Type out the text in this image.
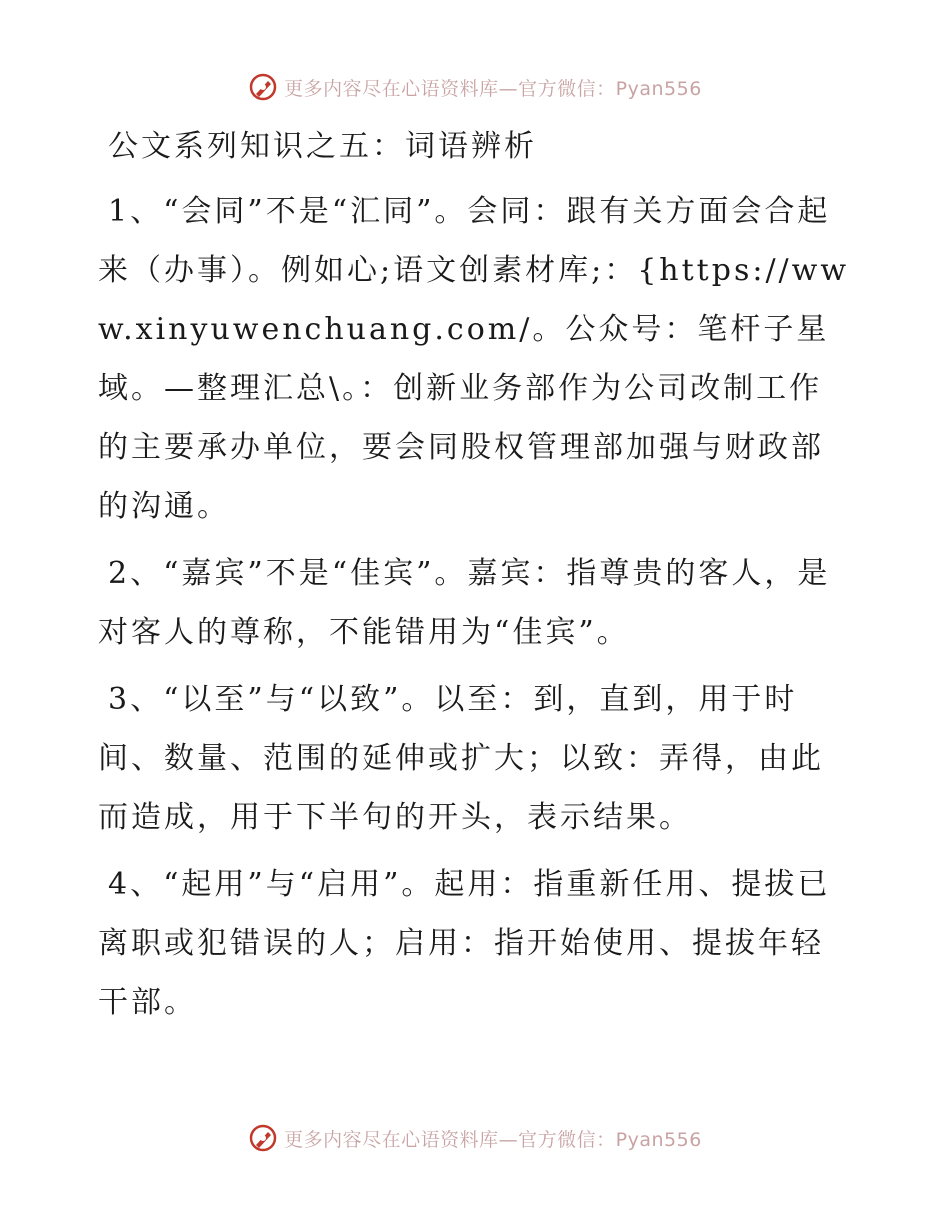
更多内容尽在心语资料库—官方微信：Pyan556
公文系列知识之五：词语辨析

1、“会同”不是“汇同”。会同：跟有关方面会合起来（办事）。例如心;语文创素材库;：{https://www.xinyuwenchuang.com/。公众号：笔杆子星域。—整理汇总\。：创新业务部作为公司改制工作的主要承办单位，要会同股权管理部加强与财政部的沟通。

2、“嘉宾”不是“佳宾”。嘉宾：指尊贵的客人，是对客人的尊称，不能错用为“佳宾”。

3、“以至”与“以致”。以至：到，直到，用于时间、数量、范围的延伸或扩大；以致：弄得，由此而造成，用于下半句的开头，表示结果。

4、“起用”与“启用”。起用：指重新任用、提拔已离职或犯错误的人；启用：指开始使用、提拔年轻干部。

更多内容尽在心语资料库—官方微信：Pyan556
